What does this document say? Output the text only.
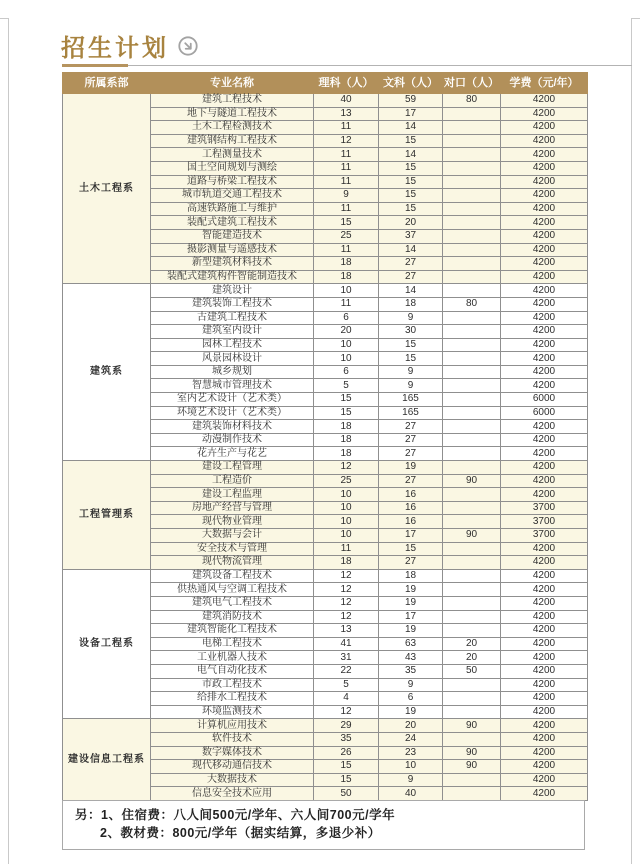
招生计划
所属系部	专业名称	理科（人）	文科（人）	对口（人）	学费（元/年）
土木工程系	建筑工程技术	40	59	80	4200
	地下与隧道工程技术	13	17		4200
	土木工程检测技术	11	14		4200
	建筑钢结构工程技术	12	15		4200
	工程测量技术	11	14		4200
	国土空间规划与测绘	11	15		4200
	道路与桥梁工程技术	11	15		4200
	城市轨道交通工程技术	9	15		4200
	高速铁路施工与维护	11	15		4200
	装配式建筑工程技术	15	20		4200
	智能建造技术	25	37		4200
	摄影测量与遥感技术	11	14		4200
	新型建筑材料技术	18	27		4200
	装配式建筑构件智能制造技术	18	27		4200
建筑系	建筑设计	10	14		4200
	建筑装饰工程技术	11	18	80	4200
	古建筑工程技术	6	9		4200
	建筑室内设计	20	30		4200
	园林工程技术	10	15		4200
	风景园林设计	10	15		4200
	城乡规划	6	9		4200
	智慧城市管理技术	5	9		4200
	室内艺术设计（艺术类）	15	165		6000
	环境艺术设计（艺术类）	15	165		6000
	建筑装饰材料技术	18	27		4200
	动漫制作技术	18	27		4200
	花卉生产与花艺	18	27		4200
工程管理系	建设工程管理	12	19		4200
	工程造价	25	27	90	4200
	建设工程监理	10	16		4200
	房地产经营与管理	10	16		3700
	现代物业管理	10	16		3700
	大数据与会计	10	17	90	3700
	安全技术与管理	11	15		4200
	现代物流管理	18	27		4200
设备工程系	建筑设备工程技术	12	18		4200
	供热通风与空调工程技术	12	19		4200
	建筑电气工程技术	12	19		4200
	建筑消防技术	12	17		4200
	建筑智能化工程技术	13	19		4200
	电梯工程技术	41	63	20	4200
	工业机器人技术	31	43	20	4200
	电气自动化技术	22	35	50	4200
	市政工程技术	5	9		4200
	给排水工程技术	4	6		4200
	环境监测技术	12	19		4200
建设信息工程系	计算机应用技术	29	20	90	4200
	软件技术	35	24		4200
	数字媒体技术	26	23	90	4200
	现代移动通信技术	15	10	90	4200
	大数据技术	15	9		4200
	信息安全技术应用	50	40		4200
另：1、住宿费：八人间500元/学年、六人间700元/学年
2、教材费：800元/学年（据实结算，多退少补）
